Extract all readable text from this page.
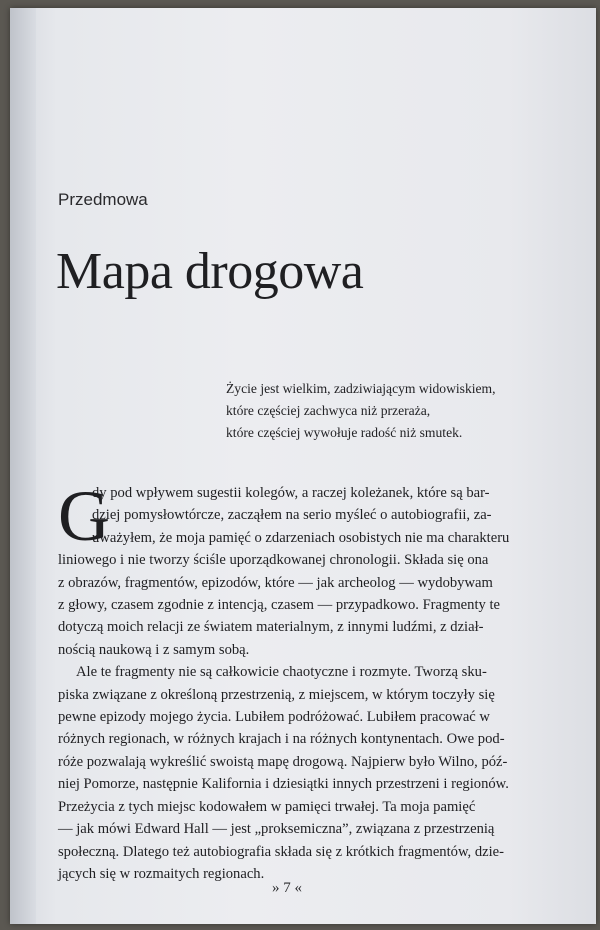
Przedmowa
Mapa drogowa
Życie jest wielkim, zadziwiającym widowiskiem,
które częściej zachwyca niż przeraża,
które częściej wywołuje radość niż smutek.
G
dy pod wpływem sugestii kolegów, a raczej koleżanek, które są bar-
dziej pomysłowtórcze, zacząłem na serio myśleć o autobiografii, za-
uważyłem, że moja pamięć o zdarzeniach osobistych nie ma charakteru
liniowego i nie tworzy ściśle uporządkowanej chronologii. Składa się ona
z obrazów, fragmentów, epizodów, które — jak archeolog — wydobywam
z głowy, czasem zgodnie z intencją, czasem — przypadkowo. Fragmenty te
dotyczą moich relacji ze światem materialnym, z innymi ludźmi, z dział-
nością naukową i z samym sobą.
Ale te fragmenty nie są całkowicie chaotyczne i rozmyte. Tworzą sku-
piska związane z określoną przestrzenią, z miejscem, w którym toczyły się
pewne epizody mojego życia. Lubiłem podróżować. Lubiłem pracować w
różnych regionach, w różnych krajach i na różnych kontynentach. Owe pod-
róże pozwalają wykreślić swoistą mapę drogową. Najpierw było Wilno, póź-
niej Pomorze, następnie Kalifornia i dziesiątki innych przestrzeni i regionów.
Przeżycia z tych miejsc kodowałem w pamięci trwałej. Ta moja pamięć
— jak mówi Edward Hall — jest „proksemiczna”, związana z przestrzenią
społeczną. Dlatego też autobiografia składa się z krótkich fragmentów, dzie-
jących się w rozmaitych regionach.
» 7 «
